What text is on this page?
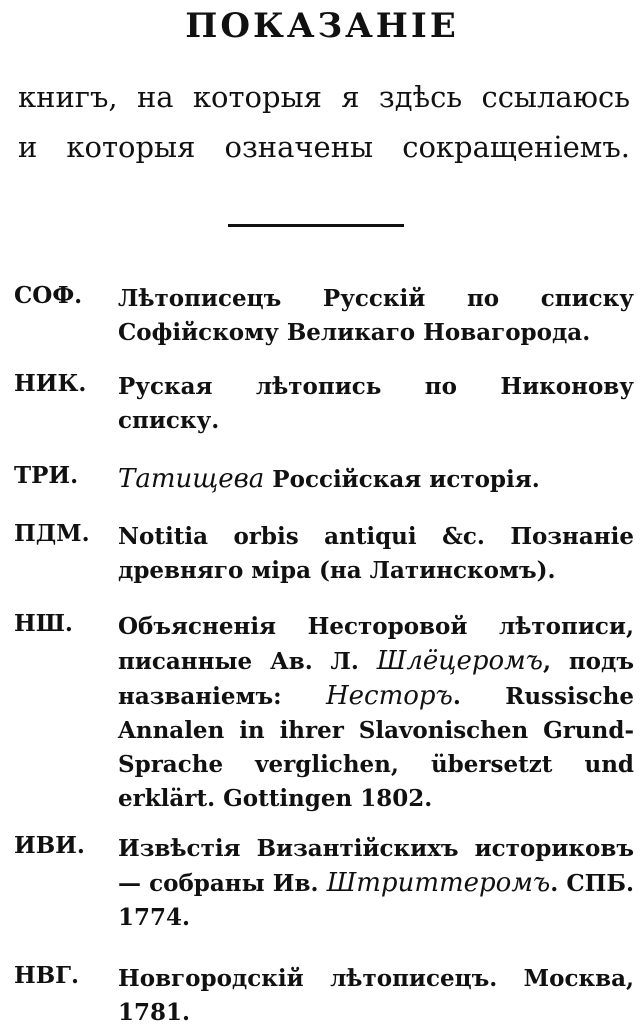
ПОКАЗАНІЕ

книгъ, на которыя я здѣсь ссылаюсь

и которыя означены сокращеніемъ.

СОФ. Лѣтописецъ Русскій по списку Софійскому Великаго Новагорода.
НИК. Руская лѣтопись по Никонову списку.
ТРИ. Татищева Россійская исторія.
ПДМ. Notitia orbis antiqui &c. Познаніе древняго міра (на Латинскомъ).
НШ. Объясненія Несторовой лѣтописи, писанные Ав. Л. Шлёцеромъ, подъ названіемъ: Несторъ. Russische Annalen in ihrer Slavonischen Grund-Sprache verglichen, übersetzt und erklärt. Gottingen 1802.
ИВИ. Извѣстія Византійскихъ историковъ — собраны Ив. Штриттеромъ. СПБ. 1774.
НВГ. Новгородскій лѣтописецъ. Москва, 1781.
